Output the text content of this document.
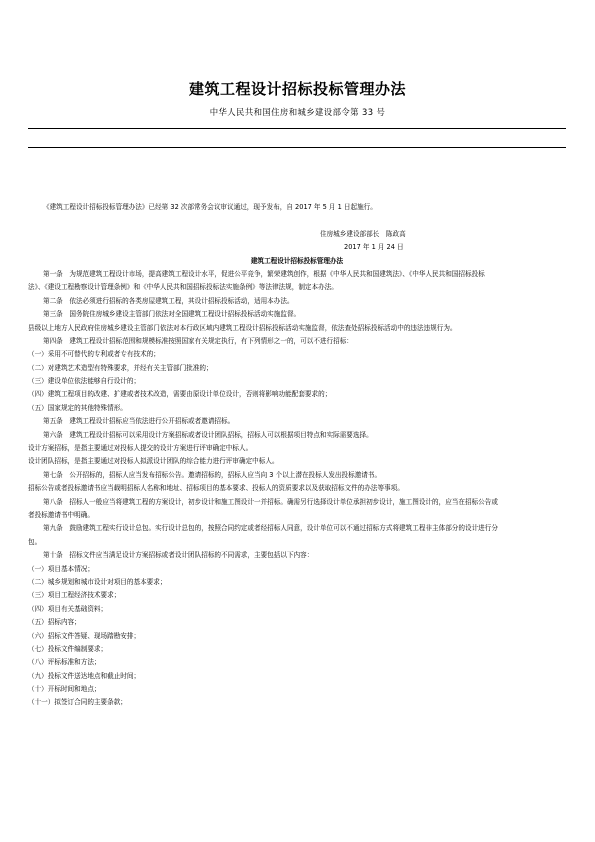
建筑工程设计招标投标管理办法
中华人民共和国住房和城乡建设部令第 33 号
《建筑工程设计招标投标管理办法》已经第 32 次部常务会议审议通过，现予发布，自 2017 年 5 月 1 日起施行。
住房城乡建设部部长　陈政高
2017 年 1 月 24 日
建筑工程设计招标投标管理办法
第一条　为规范建筑工程设计市场，提高建筑工程设计水平，促进公平竞争，繁荣建筑创作，根据《中华人民共和国建筑法》、《中华人民共和国招标投标
法》、《建设工程勘察设计管理条例》和《中华人民共和国招标投标法实施条例》等法律法规，制定本办法。
第二条　依法必须进行招标的各类房屋建筑工程，其设计招标投标活动，适用本办法。
第三条　国务院住房城乡建设主管部门依法对全国建筑工程设计招标投标活动实施监督。
县级以上地方人民政府住房城乡建设主管部门依法对本行政区域内建筑工程设计招标投标活动实施监督，依法查处招标投标活动中的违法违规行为。
第四条　建筑工程设计招标范围和规模标准按照国家有关规定执行，有下列情形之一的，可以不进行招标：
（一）采用不可替代的专利或者专有技术的；
（二）对建筑艺术造型有特殊要求，并经有关主管部门批准的；
（三）建设单位依法能够自行设计的；
（四）建筑工程项目的改建、扩建或者技术改造，需要由原设计单位设计，否则将影响功能配套要求的；
（五）国家规定的其他特殊情形。
第五条　建筑工程设计招标应当依法进行公开招标或者邀请招标。
第六条　建筑工程设计招标可以采用设计方案招标或者设计团队招标，招标人可以根据项目特点和实际需要选择。
设计方案招标，是指主要通过对投标人提交的设计方案进行评审确定中标人。
设计团队招标，是指主要通过对投标人拟派设计团队的综合能力进行评审确定中标人。
第七条　公开招标的，招标人应当发布招标公告。邀请招标的，招标人应当向 3 个以上潜在投标人发出投标邀请书。
招标公告或者投标邀请书应当载明招标人名称和地址、招标项目的基本要求、投标人的资质要求以及获取招标文件的办法等事项。
第八条　招标人一般应当将建筑工程的方案设计，初步设计和施工图设计一并招标。确需另行选择设计单位承担初步设计，施工图设计的，应当在招标公告或
者投标邀请书中明确。
第九条　鼓励建筑工程实行设计总包。实行设计总包的，按照合同约定或者经招标人同意，设计单位可以不通过招标方式将建筑工程非主体部分的设计进行分
包。
第十条　招标文件应当满足设计方案招标或者设计团队招标的不同需求，主要包括以下内容：
（一）项目基本情况；
（二）城乡规划和城市设计对项目的基本要求；
（三）项目工程经济技术要求；
（四）项目有关基础资料；
（五）招标内容；
（六）招标文件答疑、现场踏勘安排；
（七）投标文件编制要求；
（八）评标标准和方法；
（九）投标文件送达地点和截止时间；
（十）开标时间和地点；
（十一）拟签订合同的主要条款；
